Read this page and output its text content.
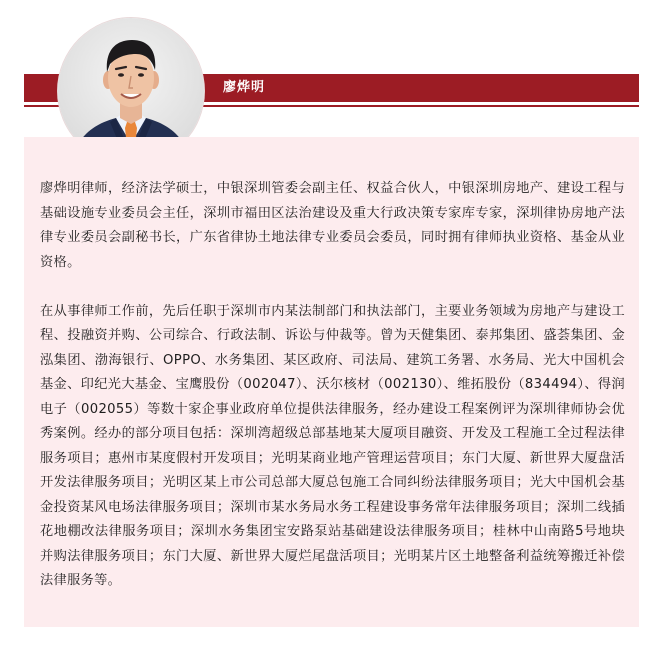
廖烨明

廖烨明律师，经济法学硕士，中银深圳管委会副主任、权益合伙人，中银深圳房地产、建设工程与基础设施专业委员会主任，深圳市福田区法治建设及重大行政决策专家库专家，深圳律协房地产法律专业委员会副秘书长，广东省律协土地法律专业委员会委员，同时拥有律师执业资格、基金从业资格。

在从事律师工作前，先后任职于深圳市内某法制部门和执法部门，主要业务领域为房地产与建设工程、投融资并购、公司综合、行政法制、诉讼与仲裁等。曾为天健集团、泰邦集团、盛荟集团、金泓集团、渤海银行、OPPO、水务集团、某区政府、司法局、建筑工务署、水务局、光大中国机会基金、印纪光大基金、宝鹰股份（002047）、沃尔核材（002130）、维拓股份（834494）、得润电子（002055）等数十家企事业政府单位提供法律服务，经办建设工程案例评为深圳律师协会优秀案例。经办的部分项目包括：深圳湾超级总部基地某大厦项目融资、开发及工程施工全过程法律服务项目；惠州市某度假村开发项目；光明某商业地产管理运营项目；东门大厦、新世界大厦盘活开发法律服务项目；光明区某上市公司总部大厦总包施工合同纠纷法律服务项目；光大中国机会基金投资某风电场法律服务项目；深圳市某水务局水务工程建设事务常年法律服务项目；深圳二线插花地棚改法律服务项目；深圳水务集团宝安路泵站基础建设法律服务项目；桂林中山南路5号地块并购法律服务项目；东门大厦、新世界大厦烂尾盘活项目；光明某片区土地整备利益统筹搬迁补偿法律服务等。
